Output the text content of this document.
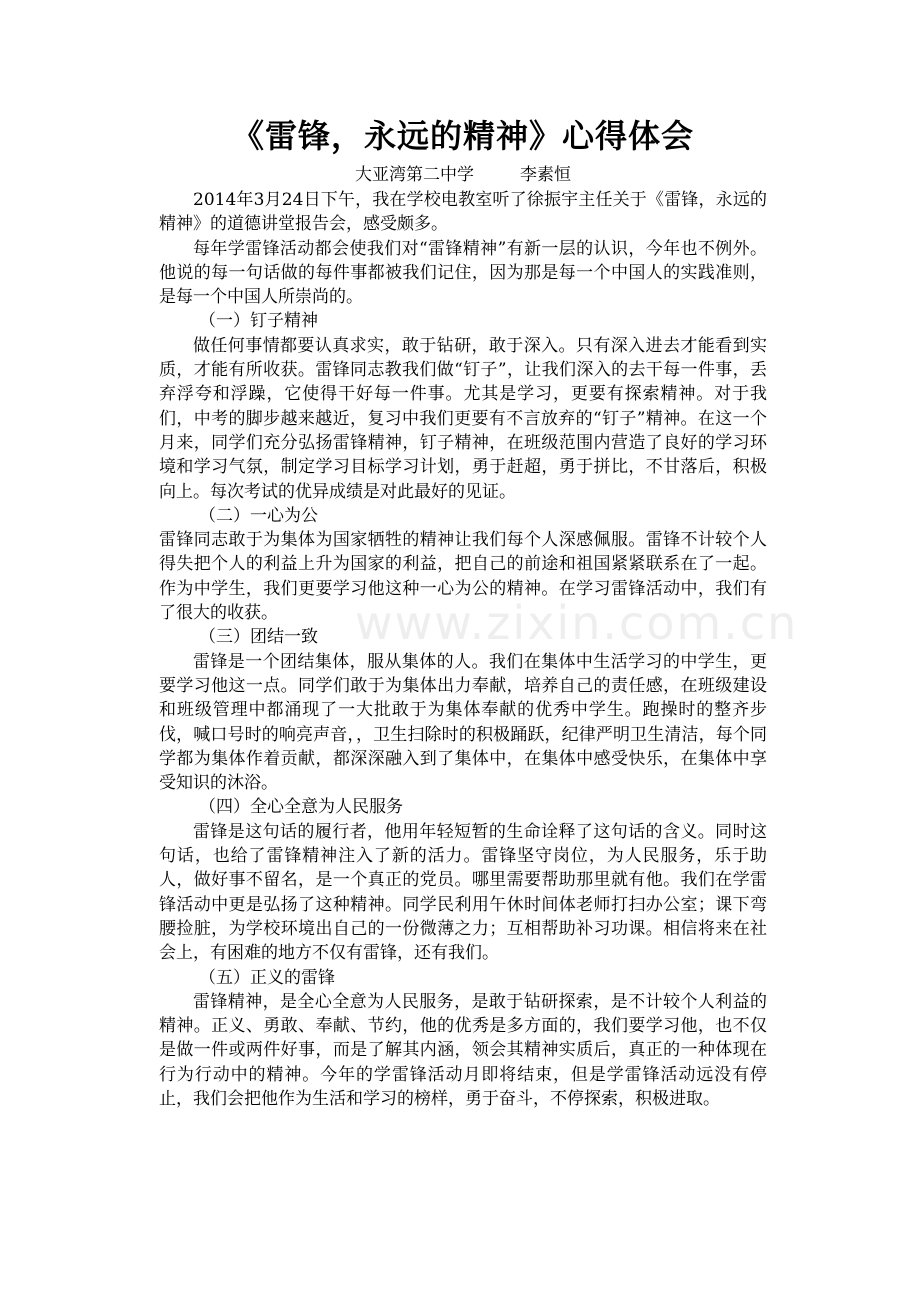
《雷锋，永远的精神》心得体会

大亚湾第二中学	李素恒

2014年3月24日下午，我在学校电教室听了徐振宇主任关于《雷锋，永远的精神》的道德讲堂报告会，感受颇多。

每年学雷锋活动都会使我们对“雷锋精神”有新一层的认识，今年也不例外。他说的每一句话做的每件事都被我们记住，因为那是每一个中国人的实践准则，是每一个中国人所崇尚的。

（一）钉子精神

做任何事情都要认真求实，敢于钻研，敢于深入。只有深入进去才能看到实质，才能有所收获。雷锋同志教我们做“钉子”，让我们深入的去干每一件事，丢弃浮夸和浮躁，它使得干好每一件事。尤其是学习，更要有探索精神。对于我们，中考的脚步越来越近，复习中我们更要有不言放弃的“钉子”精神。在这一个月来，同学们充分弘扬雷锋精神，钉子精神，在班级范围内营造了良好的学习环境和学习气氛，制定学习目标学习计划，勇于赶超，勇于拼比，不甘落后，积极向上。每次考试的优异成绩是对此最好的见证。

（二）一心为公

雷锋同志敢于为集体为国家牺牲的精神让我们每个人深感佩服。雷锋不计较个人得失把个人的利益上升为国家的利益，把自己的前途和祖国紧紧联系在了一起。作为中学生，我们更要学习他这种一心为公的精神。在学习雷锋活动中，我们有了很大的收获。

（三）团结一致

雷锋是一个团结集体，服从集体的人。我们在集体中生活学习的中学生，更要学习他这一点。同学们敢于为集体出力奉献，培养自己的责任感，在班级建设和班级管理中都涌现了一大批敢于为集体奉献的优秀中学生。跑操时的整齐步伐，喊口号时的响亮声音，，卫生扫除时的积极踊跃，纪律严明卫生清洁，每个同学都为集体作着贡献，都深深融入到了集体中，在集体中感受快乐，在集体中享受知识的沐浴。

（四）全心全意为人民服务

雷锋是这句话的履行者，他用年轻短暂的生命诠释了这句话的含义。同时这句话，也给了雷锋精神注入了新的活力。雷锋坚守岗位，为人民服务，乐于助人，做好事不留名，是一个真正的党员。哪里需要帮助那里就有他。我们在学雷锋活动中更是弘扬了这种精神。同学民利用午休时间体老师打扫办公室；课下弯腰捡脏，为学校环境出自己的一份微薄之力；互相帮助补习功课。相信将来在社会上，有困难的地方不仅有雷锋，还有我们。

（五）正义的雷锋

雷锋精神，是全心全意为人民服务，是敢于钻研探索，是不计较个人利益的精神。正义、勇敢、奉献、节约，他的优秀是多方面的，我们要学习他，也不仅是做一件或两件好事，而是了解其内涵，领会其精神实质后，真正的一种体现在行为行动中的精神。今年的学雷锋活动月即将结束，但是学雷锋活动远没有停止，我们会把他作为生活和学习的榜样，勇于奋斗，不停探索，积极进取。

www.zixin.com.cn
